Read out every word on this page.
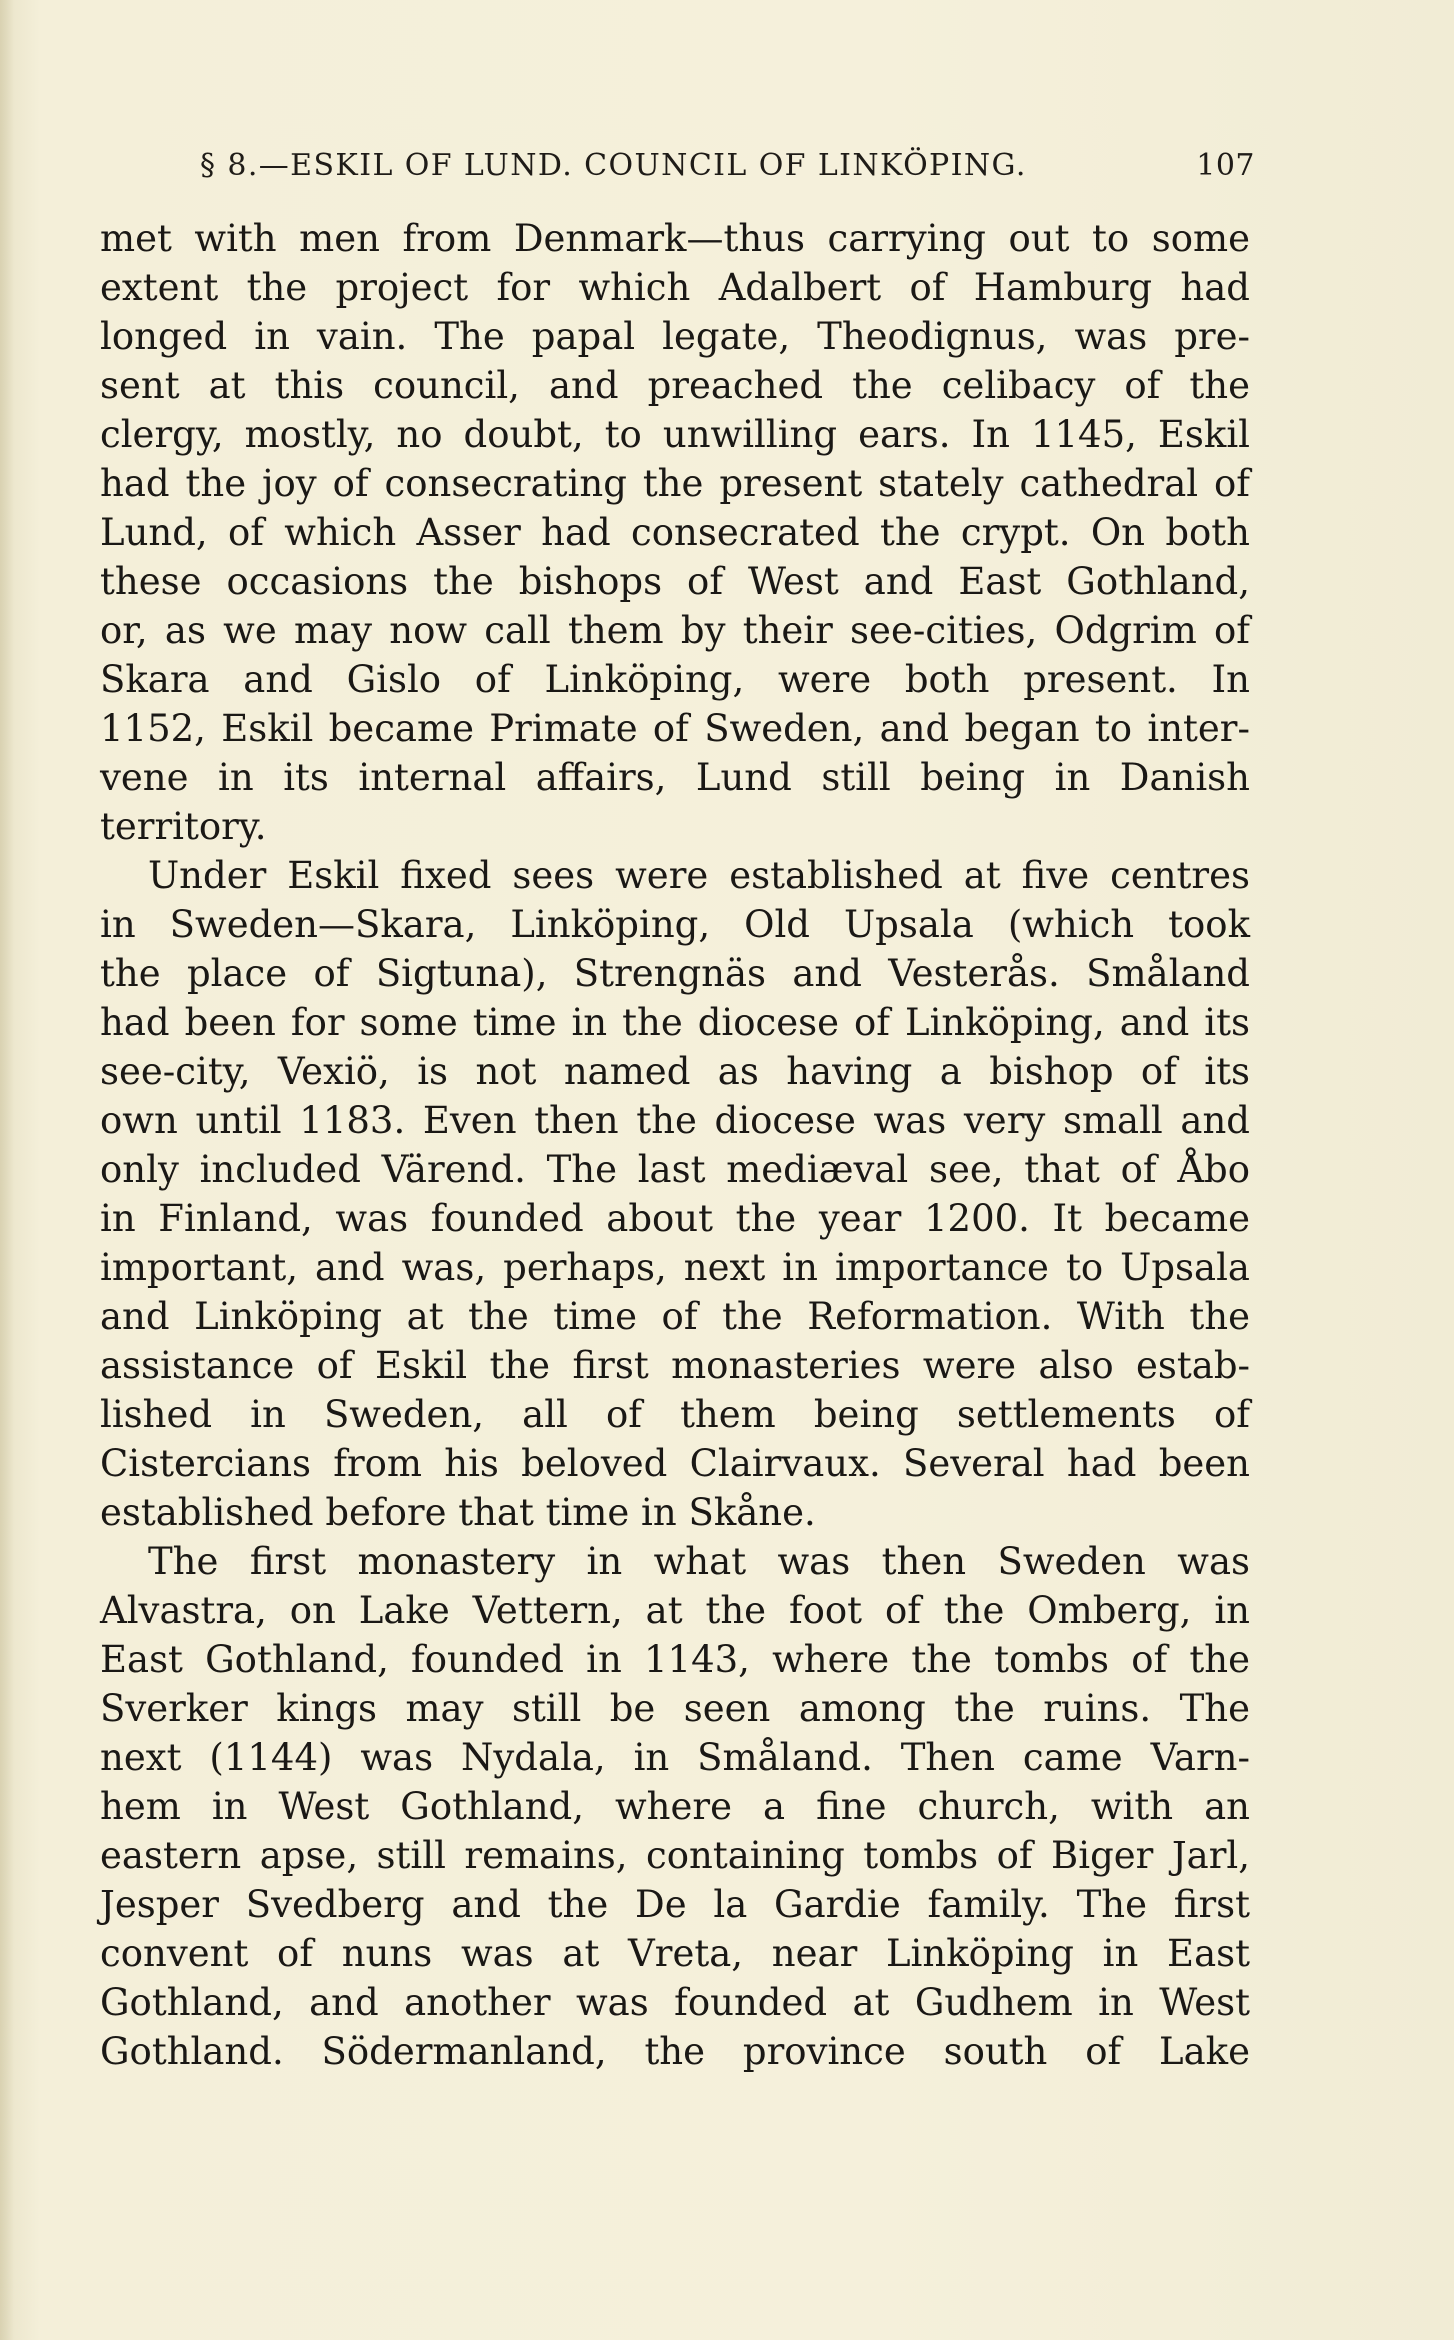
§ 8.—ESKIL OF LUND. COUNCIL OF LINKÖPING.	107
met with men from Denmark—thus carrying out to some
extent the project for which Adalbert of Hamburg had
longed in vain. The papal legate, Theodignus, was pre-
sent at this council, and preached the celibacy of the
clergy, mostly, no doubt, to unwilling ears. In 1145, Eskil
had the joy of consecrating the present stately cathedral of
Lund, of which Asser had consecrated the crypt. On both
these occasions the bishops of West and East Gothland,
or, as we may now call them by their see-cities, Odgrim of
Skara and Gislo of Linköping, were both present. In
1152, Eskil became Primate of Sweden, and began to inter-
vene in its internal affairs, Lund still being in Danish
territory.
Under Eskil fixed sees were established at five centres
in Sweden—Skara, Linköping, Old Upsala (which took
the place of Sigtuna), Strengnäs and Vesterås. Småland
had been for some time in the diocese of Linköping, and its
see-city, Vexiö, is not named as having a bishop of its
own until 1183. Even then the diocese was very small and
only included Värend. The last mediæval see, that of Åbo
in Finland, was founded about the year 1200. It became
important, and was, perhaps, next in importance to Upsala
and Linköping at the time of the Reformation. With the
assistance of Eskil the first monasteries were also estab-
lished in Sweden, all of them being settlements of
Cistercians from his beloved Clairvaux. Several had been
established before that time in Skåne.
The first monastery in what was then Sweden was
Alvastra, on Lake Vettern, at the foot of the Omberg, in
East Gothland, founded in 1143, where the tombs of the
Sverker kings may still be seen among the ruins. The
next (1144) was Nydala, in Småland. Then came Varn-
hem in West Gothland, where a fine church, with an
eastern apse, still remains, containing tombs of Biger Jarl,
Jesper Svedberg and the De la Gardie family. The first
convent of nuns was at Vreta, near Linköping in East
Gothland, and another was founded at Gudhem in West
Gothland. Södermanland, the province south of Lake
